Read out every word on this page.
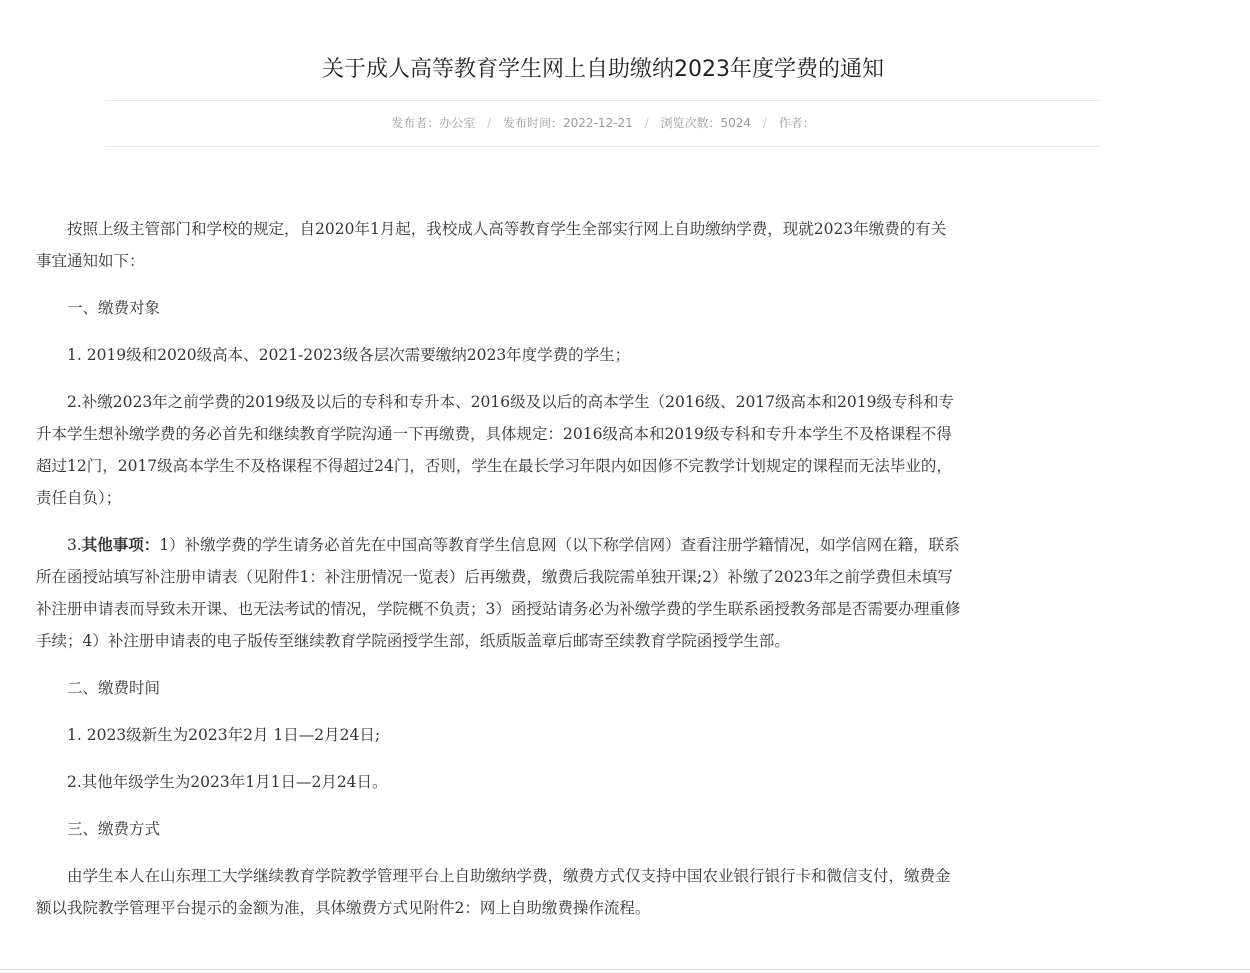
关于成人高等教育学生网上自助缴纳2023年度学费的通知
发布者：办公室 / 发布时间：2022-12-21 / 浏览次数：5024 / 作者：

按照上级主管部门和学校的规定，自2020年1月起，我校成人高等教育学生全部实行网上自助缴纳学费，现就2023年缴费的有关事宜通知如下：

一、缴费对象

1. 2019级和2020级高本、2021-2023级各层次需要缴纳2023年度学费的学生；

2.补缴2023年之前学费的2019级及以后的专科和专升本、2016级及以后的高本学生（2016级、2017级高本和2019级专科和专升本学生想补缴学费的务必首先和继续教育学院沟通一下再缴费，具体规定：2016级高本和2019级专科和专升本学生不及格课程不得超过12门，2017级高本学生不及格课程不得超过24门，否则，学生在最长学习年限内如因修不完教学计划规定的课程而无法毕业的，责任自负）；

3.其他事项：1）补缴学费的学生请务必首先在中国高等教育学生信息网（以下称学信网）查看注册学籍情况，如学信网在籍，联系所在函授站填写补注册申请表（见附件1：补注册情况一览表）后再缴费，缴费后我院需单独开课;2）补缴了2023年之前学费但未填写补注册申请表而导致未开课、也无法考试的情况，学院概不负责；3）函授站请务必为补缴学费的学生联系函授教务部是否需要办理重修手续；4）补注册申请表的电子版传至继续教育学院函授学生部，纸质版盖章后邮寄至续教育学院函授学生部。

二、缴费时间

1. 2023级新生为2023年2月 1日—2月24日;

2.其他年级学生为2023年1月1日—2月24日。

三、缴费方式

由学生本人在山东理工大学继续教育学院教学管理平台上自助缴纳学费，缴费方式仅支持中国农业银行银行卡和微信支付，缴费金额以我院教学管理平台提示的金额为准，具体缴费方式见附件2：网上自助缴费操作流程。
